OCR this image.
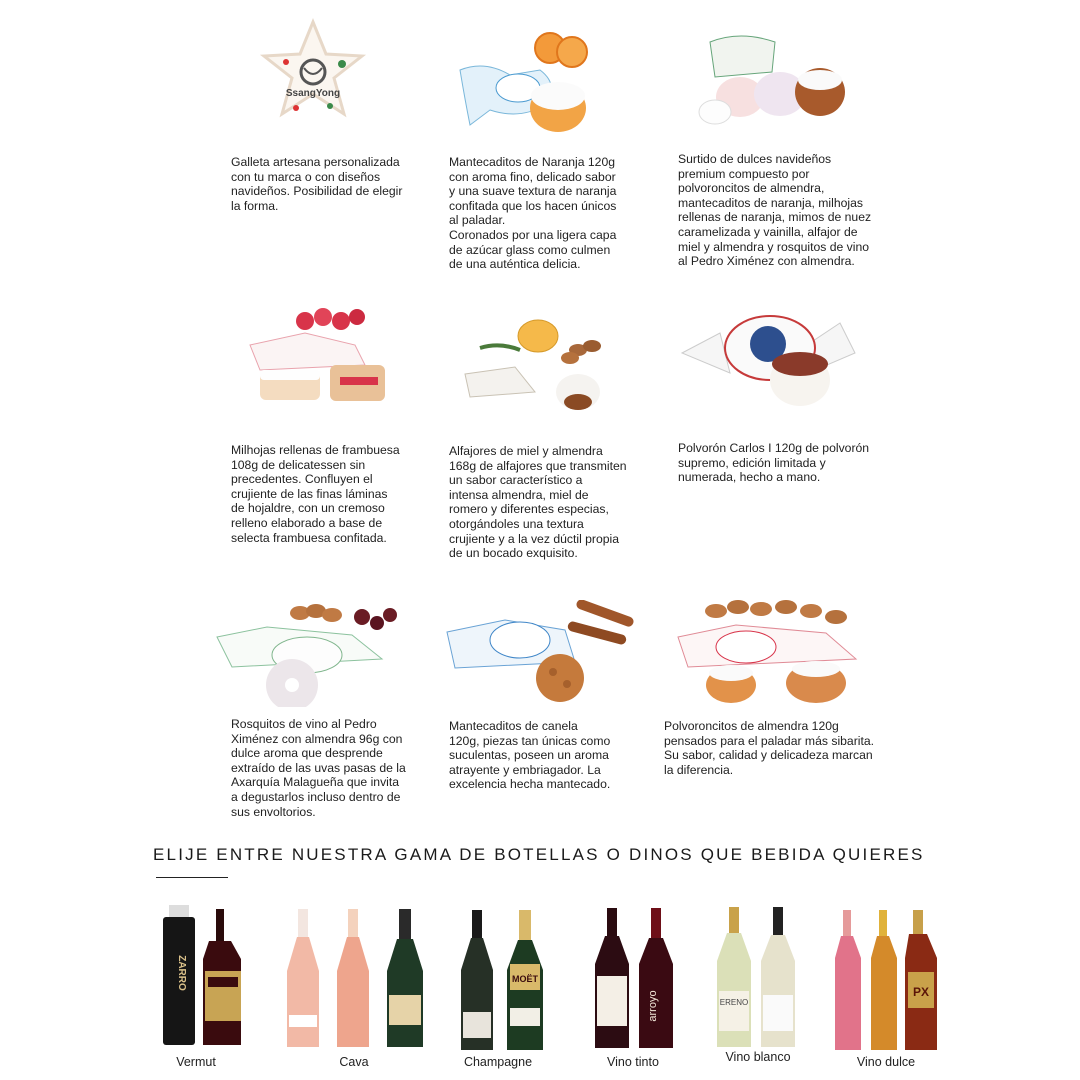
SsangYong
Galleta artesana personalizada
con tu marca o con diseños
navideños. Posibilidad de elegir
la forma.
Mantecaditos de Naranja 120g
con aroma fino, delicado sabor
y una suave textura de naranja
confitada que los hacen únicos
al paladar.
Coronados por una ligera capa
de azúcar glass como culmen
de una auténtica delicia.
Surtido de dulces navideños
premium compuesto por
polvoroncitos de almendra,
mantecaditos de naranja, milhojas
rellenas de naranja, mimos de nuez
caramelizada y vainilla, alfajor de
miel y almendra y rosquitos de vino
al Pedro Ximénez con almendra.
Milhojas rellenas de frambuesa
108g de delicatessen sin
precedentes. Confluyen el
crujiente de las finas láminas
de hojaldre, con un cremoso
relleno elaborado a base de
selecta frambuesa confitada.
Alfajores de miel y almendra
168g de alfajores que transmiten
un sabor característico a
intensa almendra, miel de
romero y diferentes especias,
otorgándoles una textura
crujiente y a la vez dúctil propia
de un bocado exquisito.
Polvorón Carlos I 120g de polvorón
supremo, edición limitada y
numerada, hecho a mano.
Rosquitos de vino al Pedro
Ximénez con almendra 96g con
dulce aroma que desprende
extraído de las uvas pasas de la
Axarquía Malagueña que invita
a degustarlos incluso dentro de
sus envoltorios.
Mantecaditos de canela
120g, piezas tan únicas como
suculentas, poseen un aroma
atrayente y embriagador. La
excelencia hecha mantecado.
Polvoroncitos de almendra 120g
pensados para el paladar más sibarita.
Su sabor, calidad y delicadeza marcan
la diferencia.
ELIJE ENTRE NUESTRA GAMA DE BOTELLAS O DINOS QUE BEBIDA QUIERES
ZARRO
Vermut	Cava
MOËT
Champagne
arroyo
Vino tinto
ERENO
Vino blanco
PX
Vino dulce
